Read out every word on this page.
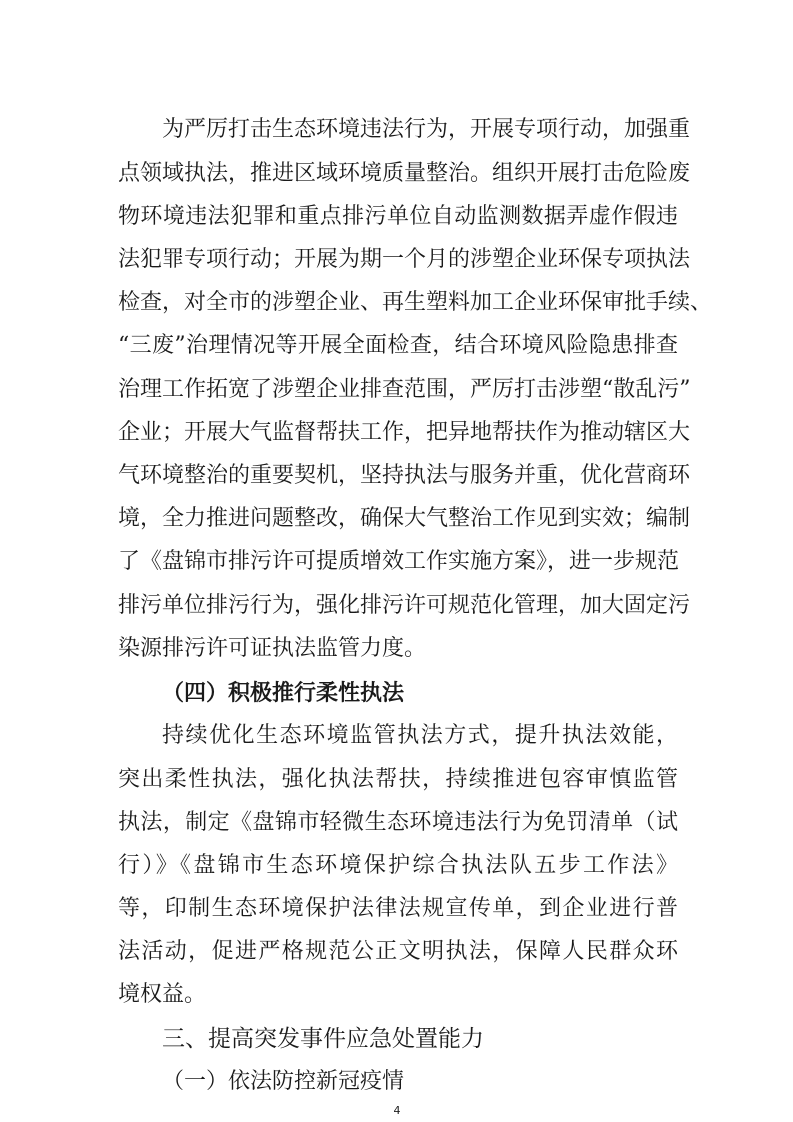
为严厉打击生态环境违法行为，开展专项行动，加强重
点领域执法，推进区域环境质量整治。组织开展打击危险废
物环境违法犯罪和重点排污单位自动监测数据弄虚作假违
法犯罪专项行动；开展为期一个月的涉塑企业环保专项执法
检查，对全市的涉塑企业、再生塑料加工企业环保审批手续、
“三废”治理情况等开展全面检查，结合环境风险隐患排查
治理工作拓宽了涉塑企业排查范围，严厉打击涉塑“散乱污”
企业；开展大气监督帮扶工作，把异地帮扶作为推动辖区大
气环境整治的重要契机，坚持执法与服务并重，优化营商环
境，全力推进问题整改，确保大气整治工作见到实效；编制
了《盘锦市排污许可提质增效工作实施方案》，进一步规范
排污单位排污行为，强化排污许可规范化管理，加大固定污
染源排污许可证执法监管力度。
（四）积极推行柔性执法
持续优化生态环境监管执法方式，提升执法效能，
突出柔性执法，强化执法帮扶，持续推进包容审慎监管
执法，制定《盘锦市轻微生态环境违法行为免罚清单（试
行）》《盘锦市生态环境保护综合执法队五步工作法》
等，印制生态环境保护法律法规宣传单，到企业进行普
法活动，促进严格规范公正文明执法，保障人民群众环
境权益。
三、提高突发事件应急处置能力
（一）依法防控新冠疫情
4
